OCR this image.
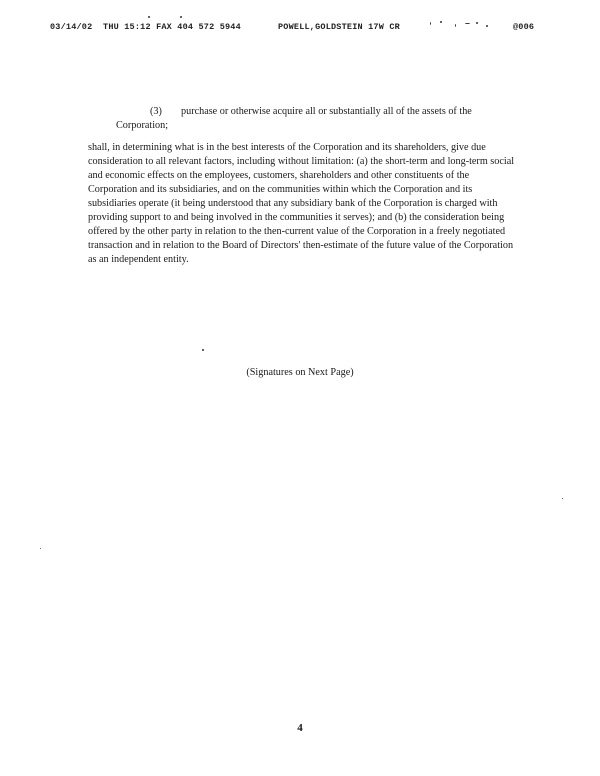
03/14/02 THU 15:12 FAX 404 572 5944	POWELL,GOLDSTEIN 17W CR	@006
(3) purchase or otherwise acquire all or substantially all of the assets of the Corporation;
shall, in determining what is in the best interests of the Corporation and its shareholders, give due consideration to all relevant factors, including without limitation: (a) the short-term and long-term social and economic effects on the employees, customers, shareholders and other constituents of the Corporation and its subsidiaries, and on the communities within which the Corporation and its subsidiaries operate (it being understood that any subsidiary bank of the Corporation is charged with providing support to and being involved in the communities it serves); and (b) the consideration being offered by the other party in relation to the then-current value of the Corporation in a freely negotiated transaction and in relation to the Board of Directors' then-estimate of the future value of the Corporation as an independent entity.
(Signatures on Next Page)
4
